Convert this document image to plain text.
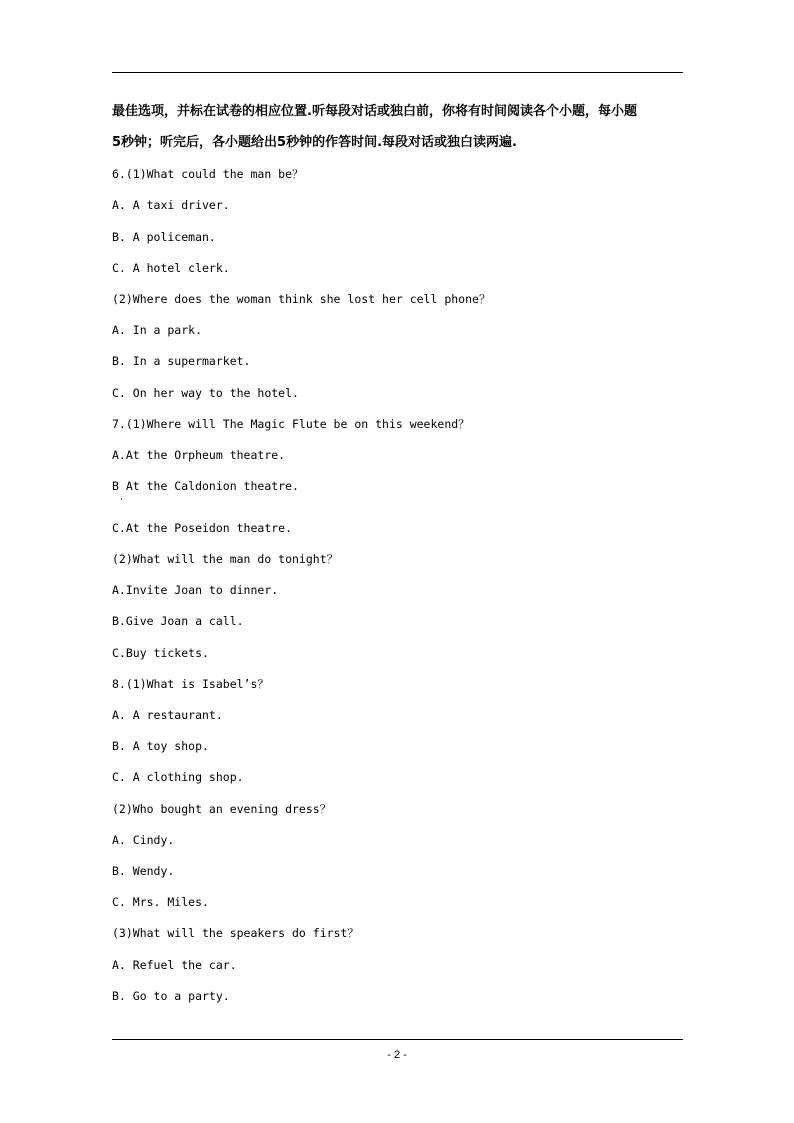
最佳选项，并标在试卷的相应位置.听每段对话或独白前，你将有时间阅读各个小题，每小题
5秒钟；听完后，各小题给出5秒钟的作答时间.每段对话或独白读两遍.
6.(1)What could the man be？
A. A taxi driver.
B. A policeman.
C. A hotel clerk.
(2)Where does the woman think she lost her cell phone？
A. In a park.
B. In a supermarket.
C. On her way to the hotel.
7.(1)Where will The Magic Flute be on this weekend？
A.At the Orpheum theatre.
B At the Caldonion theatre.
C.At the Poseidon theatre.
(2)What will the man do tonight？
A.Invite Joan to dinner.
B.Give Joan a call.
C.Buy tickets.
8.(1)What is Isabel’s？
A. A restaurant.
B. A toy shop.
C. A clothing shop.
(2)Who bought an evening dress？
A. Cindy.
B. Wendy.
C. Mrs. Miles.
(3)What will the speakers do first？
A. Refuel the car.
B. Go to a party.
- 2 -
